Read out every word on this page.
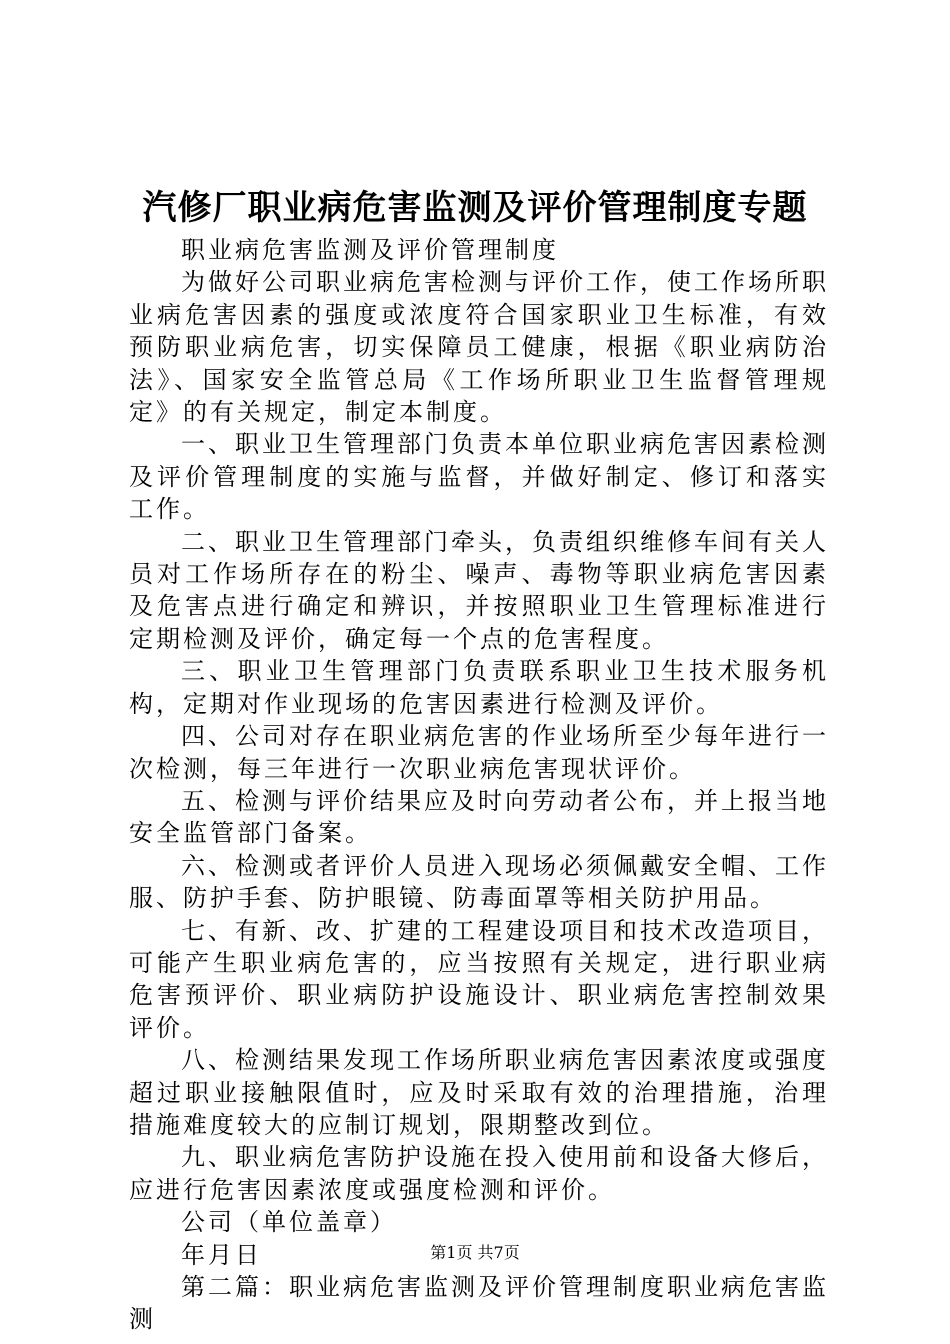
汽修厂职业病危害监测及评价管理制度专题

职业病危害监测及评价管理制度

为做好公司职业病危害检测与评价工作，使工作场所职业病危害因素的强度或浓度符合国家职业卫生标准，有效预防职业病危害，切实保障员工健康，根据《职业病防治法》、国家安全监管总局《工作场所职业卫生监督管理规定》的有关规定，制定本制度。

一、职业卫生管理部门负责本单位职业病危害因素检测及评价管理制度的实施与监督，并做好制定、修订和落实工作。

二、职业卫生管理部门牵头，负责组织维修车间有关人员对工作场所存在的粉尘、噪声、毒物等职业病危害因素及危害点进行确定和辨识，并按照职业卫生管理标准进行定期检测及评价，确定每一个点的危害程度。

三、职业卫生管理部门负责联系职业卫生技术服务机构，定期对作业现场的危害因素进行检测及评价。

四、公司对存在职业病危害的作业场所至少每年进行一次检测，每三年进行一次职业病危害现状评价。

五、检测与评价结果应及时向劳动者公布，并上报当地安全监管部门备案。

六、检测或者评价人员进入现场必须佩戴安全帽、工作服、防护手套、防护眼镜、防毒面罩等相关防护用品。

七、有新、改、扩建的工程建设项目和技术改造项目，可能产生职业病危害的，应当按照有关规定，进行职业病危害预评价、职业病防护设施设计、职业病危害控制效果评价。

八、检测结果发现工作场所职业病危害因素浓度或强度超过职业接触限值时，应及时采取有效的治理措施，治理措施难度较大的应制订规划，限期整改到位。

九、职业病危害防护设施在投入使用前和设备大修后，应进行危害因素浓度或强度检测和评价。

公司（单位盖章）

年月日

第二篇：职业病危害监测及评价管理制度职业病危害监测

第1页 共7页
